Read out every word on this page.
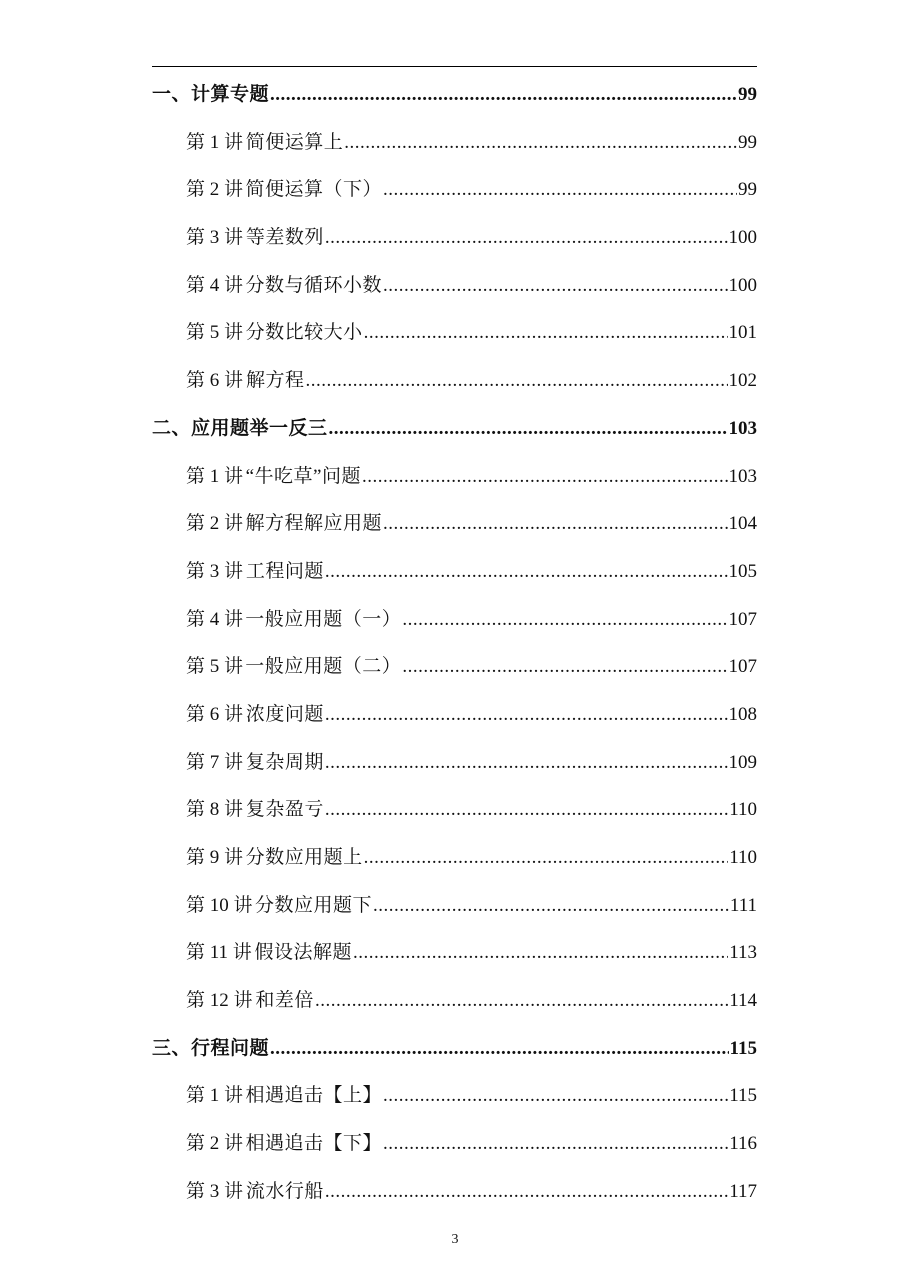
一、计算专题 .....	99
第 1 讲 简便运算上 .....	99
第 2 讲 简便运算（下） .....	99
第 3 讲 等差数列 .....	100
第 4 讲 分数与循环小数 .....	100
第 5 讲 分数比较大小 .....	101
第 6 讲 解方程 .....	102
二、应用题举一反三 .....	103
第 1 讲 “牛吃草”问题 .....	103
第 2 讲 解方程解应用题 .....	104
第 3 讲 工程问题 .....	105
第 4 讲 一般应用题（一） .....	107
第 5 讲 一般应用题（二） .....	107
第 6 讲 浓度问题 .....	108
第 7 讲 复杂周期 .....	109
第 8 讲 复杂盈亏 .....	110
第 9 讲 分数应用题上 .....	110
第 10 讲 分数应用题下 .....	111
第 11 讲 假设法解题 .....	113
第 12 讲 和差倍 .....	114
三、行程问题 .....	115
第 1 讲 相遇追击【上】 .....	115
第 2 讲 相遇追击【下】 .....	116
第 3 讲 流水行船 .....	117
3
